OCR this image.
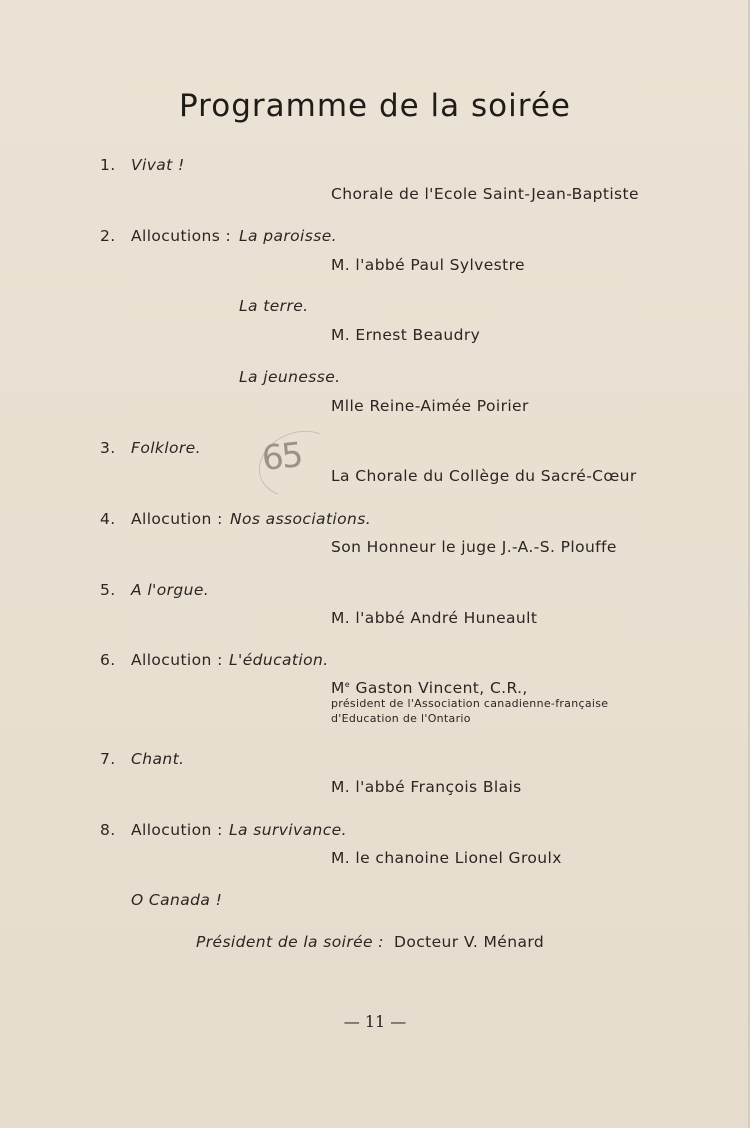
Programme de la soirée
1. Vivat !
Chorale de l'Ecole Saint-Jean-Baptiste
2. Allocutions : La paroisse.
M. l'abbé Paul Sylvestre
La terre.
M. Ernest Beaudry
La jeunesse.
Mlle Reine-Aimée Poirier
3. Folklore. 65 La Chorale du Collège du Sacré-Cœur
4. Allocution : Nos associations.
Son Honneur le juge J.-A.-S. Plouffe
5. A l'orgue.
M. l'abbé André Huneault
6. Allocution : L'éducation.
Me Gaston Vincent, C.R.,
président de l'Association canadienne-française
d'Education de l'Ontario
7. Chant.
M. l'abbé François Blais
8. Allocution : La survivance.
M. le chanoine Lionel Groulx
O Canada !
Président de la soirée : Docteur V. Ménard
— 11 —
